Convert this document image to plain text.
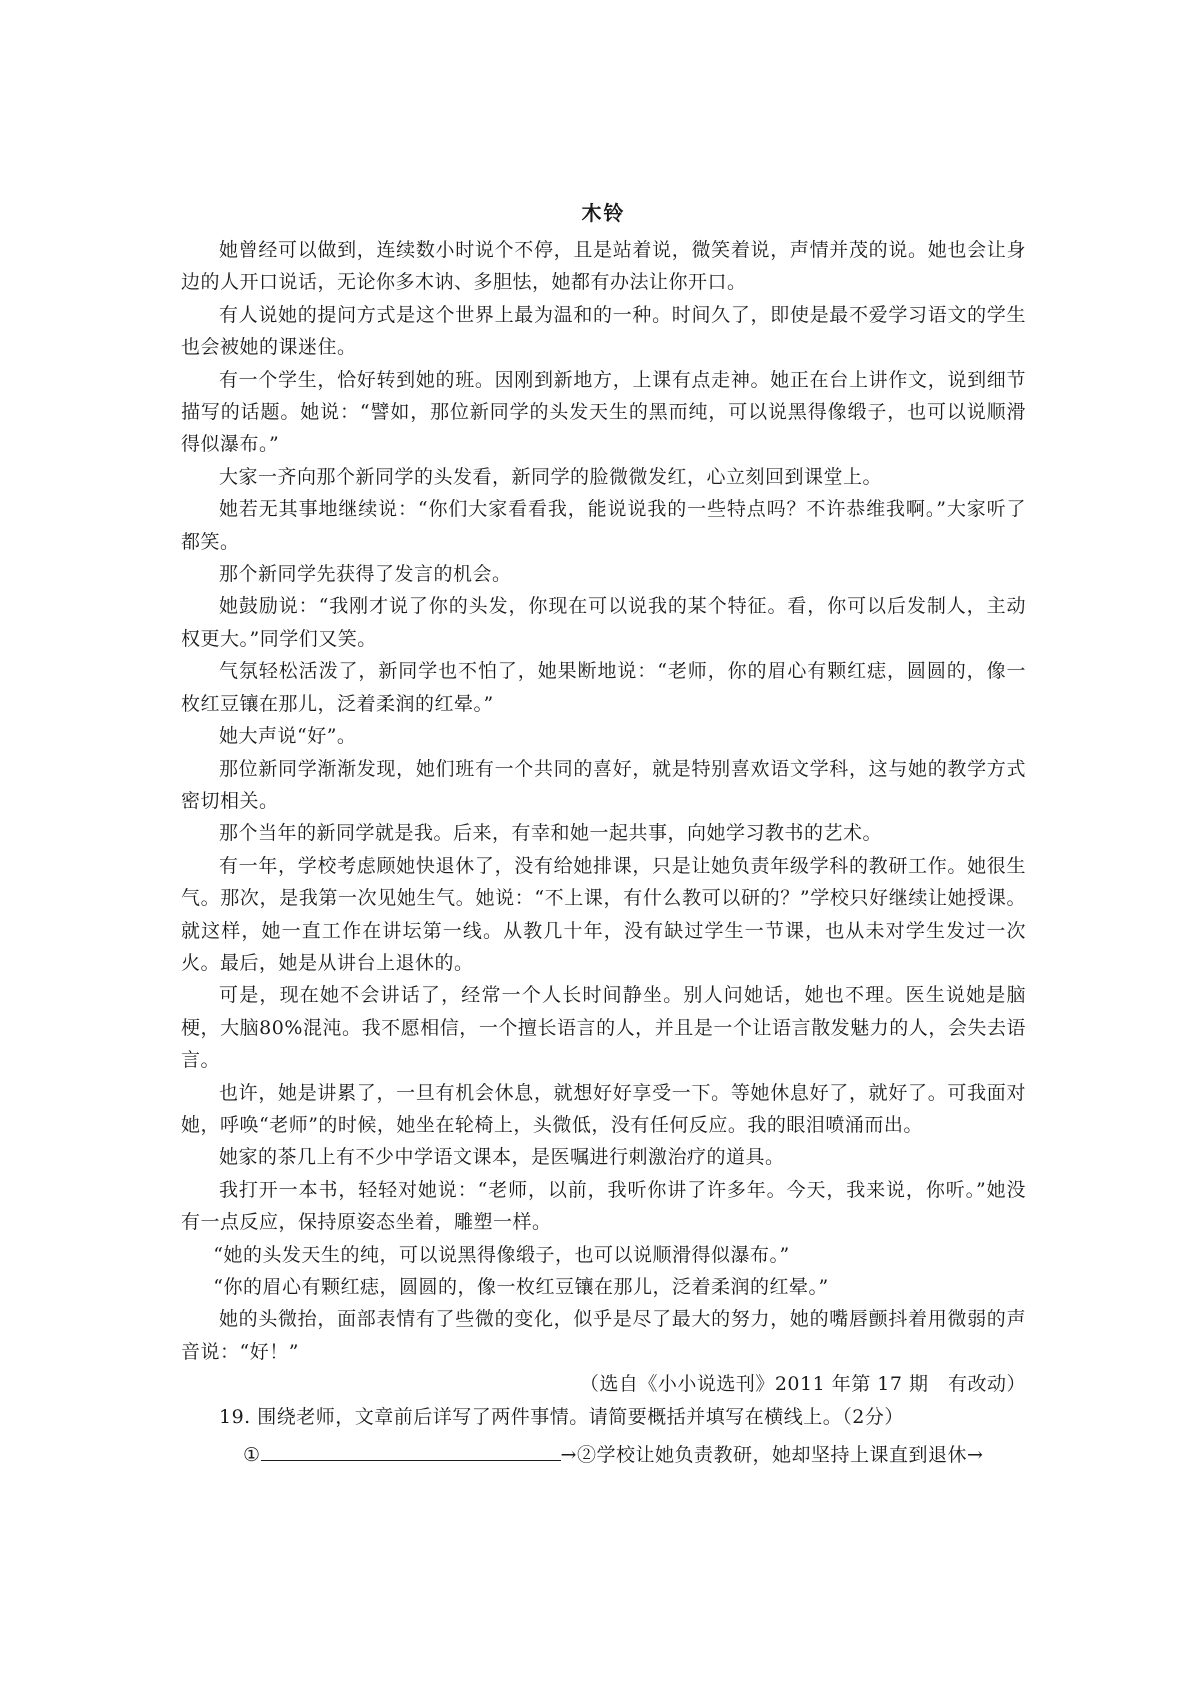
木铃

她曾经可以做到，连续数小时说个不停，且是站着说，微笑着说，声情并茂的说。她也会让身边的人开口说话，无论你多木讷、多胆怯，她都有办法让你开口。

有人说她的提问方式是这个世界上最为温和的一种。时间久了，即使是最不爱学习语文的学生也会被她的课迷住。

有一个学生，恰好转到她的班。因刚到新地方，上课有点走神。她正在台上讲作文，说到细节描写的话题。她说：“譬如，那位新同学的头发天生的黑而纯，可以说黑得像缎子，也可以说顺滑得似瀑布。”

大家一齐向那个新同学的头发看，新同学的脸微微发红，心立刻回到课堂上。

她若无其事地继续说：“你们大家看看我，能说说我的一些特点吗？不许恭维我啊。”大家听了都笑。

那个新同学先获得了发言的机会。

她鼓励说：“我刚才说了你的头发，你现在可以说我的某个特征。看，你可以后发制人，主动权更大。”同学们又笑。

气氛轻松活泼了，新同学也不怕了，她果断地说：“老师，你的眉心有颗红痣，圆圆的，像一枚红豆镶在那儿，泛着柔润的红晕。”

她大声说“好”。

那位新同学渐渐发现，她们班有一个共同的喜好，就是特别喜欢语文学科，这与她的教学方式密切相关。

那个当年的新同学就是我。后来，有幸和她一起共事，向她学习教书的艺术。

有一年，学校考虑顾她快退休了，没有给她排课，只是让她负责年级学科的教研工作。她很生气。那次，是我第一次见她生气。她说：“不上课，有什么教可以研的？”学校只好继续让她授课。就这样，她一直工作在讲坛第一线。从教几十年，没有缺过学生一节课，也从未对学生发过一次火。最后，她是从讲台上退休的。

可是，现在她不会讲话了，经常一个人长时间静坐。别人问她话，她也不理。医生说她是脑梗，大脑80%混沌。我不愿相信，一个擅长语言的人，并且是一个让语言散发魅力的人，会失去语言。

也许，她是讲累了，一旦有机会休息，就想好好享受一下。等她休息好了，就好了。可我面对她，呼唤“老师”的时候，她坐在轮椅上，头微低，没有任何反应。我的眼泪喷涌而出。

她家的茶几上有不少中学语文课本，是医嘱进行刺激治疗的道具。

我打开一本书，轻轻对她说：“老师，以前，我听你讲了许多年。今天，我来说，你听。”她没有一点反应，保持原姿态坐着，雕塑一样。

“她的头发天生的纯，可以说黑得像缎子，也可以说顺滑得似瀑布。”

“你的眉心有颗红痣，圆圆的，像一枚红豆镶在那儿，泛着柔润的红晕。”

她的头微抬，面部表情有了些微的变化，似乎是尽了最大的努力，她的嘴唇颤抖着用微弱的声音说：“好！”

（选自《小小说选刊》2011 年第 17 期　有改动）

19. 围绕老师，文章前后详写了两件事情。请简要概括并填写在横线上。（2分）

①	→②学校让她负责教研，她却坚持上课直到退休→
